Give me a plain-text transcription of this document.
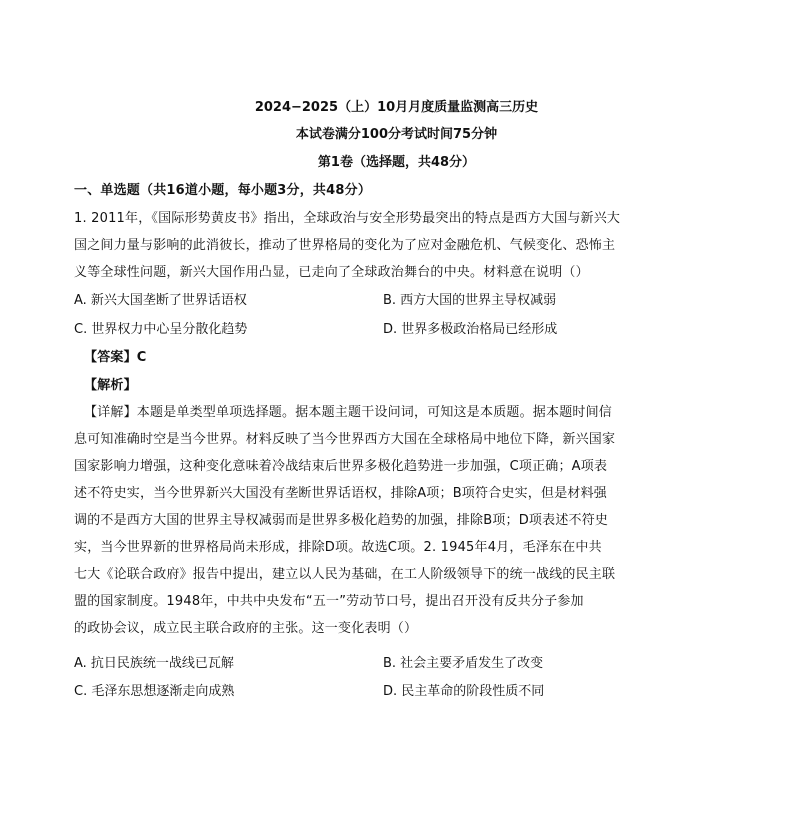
2024−2025（上）10月月度质量监测高三历史
本试卷满分100分考试时间75分钟
第1卷（选择题，共48分）
一、单选题（共16道小题，每小题3分，共48分）
1. 2011年，《国际形势黄皮书》指出，全球政治与安全形势最突出的特点是西方大国与新兴大
国之间力量与影响的此消彼长，推动了世界格局的变化为了应对金融危机、气候变化、恐怖主
义等全球性问题，新兴大国作用凸显，已走向了全球政治舞台的中央。材料意在说明（）
A. 新兴大国垄断了世界话语权	B. 西方大国的世界主导权减弱
C. 世界权力中心呈分散化趋势	D. 世界多极政治格局已经形成
【答案】C
【解析】
【详解】本题是单类型单项选择题。据本题主题干设问词，可知这是本质题。据本题时间信
息可知准确时空是当今世界。材料反映了当今世界西方大国在全球格局中地位下降，新兴国家
国家影响力增强，这种变化意味着冷战结束后世界多极化趋势进一步加强，C项正确；A项表
述不符史实，当今世界新兴大国没有垄断世界话语权，排除A项；B项符合史实，但是材料强
调的不是西方大国的世界主导权减弱而是世界多极化趋势的加强，排除B项；D项表述不符史
实，当今世界新的世界格局尚未形成，排除D项。故选C项。2. 1945年4月，毛泽东在中共
七大《论联合政府》报告中提出，建立以人民为基础，在工人阶级领导下的统一战线的民主联
盟的国家制度。1948年，中共中央发布“五一”劳动节口号，提出召开没有反共分子参加
的政协会议，成立民主联合政府的主张。这一变化表明（）
A. 抗日民族统一战线已瓦解	B. 社会主要矛盾发生了改变
C. 毛泽东思想逐渐走向成熟	D. 民主革命的阶段性质不同
